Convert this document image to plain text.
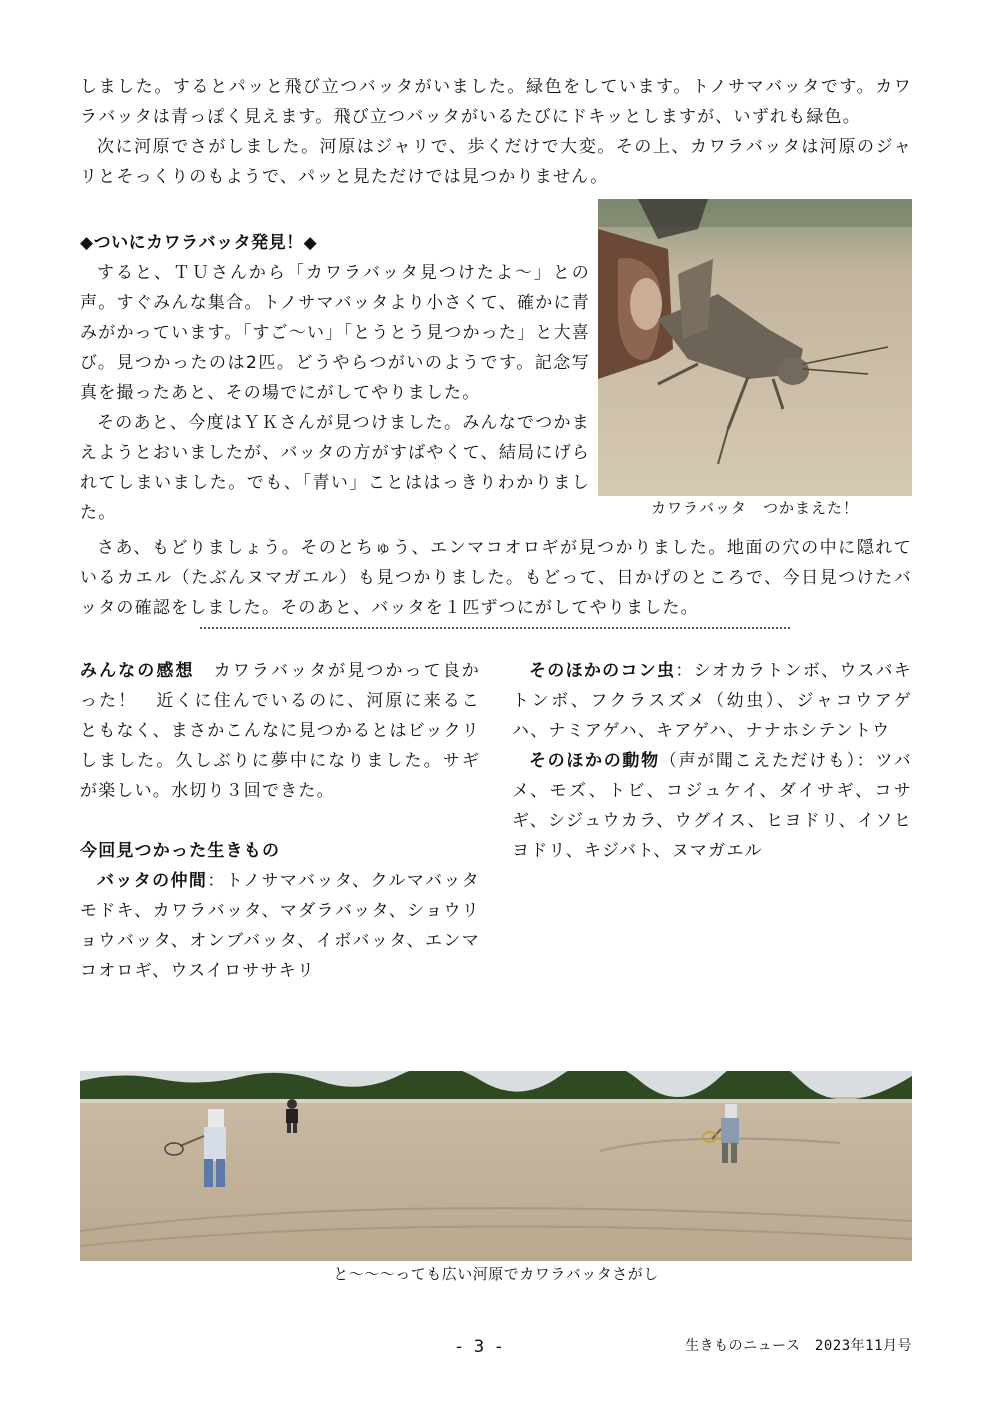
しました。するとパッと飛び立つバッタがいました。緑色をしています。トノサマバッタです。カワラバッタは青っぽく見えます。飛び立つバッタがいるたびにドキッとしますが、いずれも緑色。

次に河原でさがしました。河原はジャリで、歩くだけで大変。その上、カワラバッタは河原のジャリとそっくりのもようで、パッと見ただけでは見つかりません。

◆ついにカワラバッタ発見！◆

すると、ＴＵさんから「カワラバッタ見つけたよ〜」との声。すぐみんな集合。トノサマバッタより小さくて、確かに青みがかっています。「すご〜い」「とうとう見つかった」と大喜び。見つかったのは2匹。どうやらつがいのようです。記念写真を撮ったあと、その場でにがしてやりました。

そのあと、今度はＹＫさんが見つけました。みんなでつかまえようとおいましたが、バッタの方がすばやくて、結局にげられてしまいました。でも、「青い」ことははっきりわかりました。	カワラバッタ　つかまえた！

さあ、もどりましょう。そのとちゅう、エンマコオロギが見つかりました。地面の穴の中に隠れているカエル（たぶんヌマガエル）も見つかりました。もどって、日かげのところで、今日見つけたバッタの確認をしました。そのあと、バッタを１匹ずつにがしてやりました。

みんなの感想　 カワラバッタが見つかって良かった！　近くに住んでいるのに、河原に来ることもなく、まさかこんなに見つかるとはビックリしました。久しぶりに夢中になりました。サギが楽しい。水切り３回できた。

今回見つかった生きもの

バッタの仲間：トノサマバッタ、クルマバッタモドキ、カワラバッタ、マダラバッタ、ショウリョウバッタ、オンブバッタ、イボバッタ、エンマコオロギ、ウスイロササキリ

そのほかのコン虫：シオカラトンボ、ウスバキトンボ、フクラスズメ（幼虫）、ジャコウアゲハ、ナミアゲハ、キアゲハ、ナナホシテントウ

そのほかの動物（声が聞こえただけも）：ツバメ、モズ、トビ、コジュケイ、ダイサギ、コサギ、シジュウカラ、ウグイス、ヒヨドリ、イソヒヨドリ、キジバト、ヌマガエル

と〜〜〜っても広い河原でカワラバッタさがし
- 3 -	生きものニュース　2023年11月号
